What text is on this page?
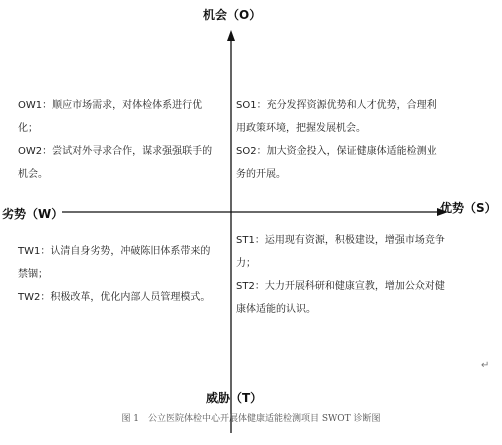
机会（O）
威胁（T）
劣势（W）	优势（S）

OW1：顺应市场需求，对体检体系进行优化；

OW2：尝试对外寻求合作，谋求强强联手的机会。

SO1：充分发挥资源优势和人才优势，合理利用政策环境，把握发展机会。

SO2：加大资金投入，保证健康体适能检测业务的开展。

TW1：认清自身劣势，冲破陈旧体系带来的禁锢；

TW2：积极改革，优化内部人员管理模式。

ST1：运用现有资源，积极建设，增强市场竞争力；

ST2：大力开展科研和健康宣教，增加公众对健康体适能的认识。

↵
图 1　公立医院体检中心开展体健康适能检测项目 SWOT 诊断图
